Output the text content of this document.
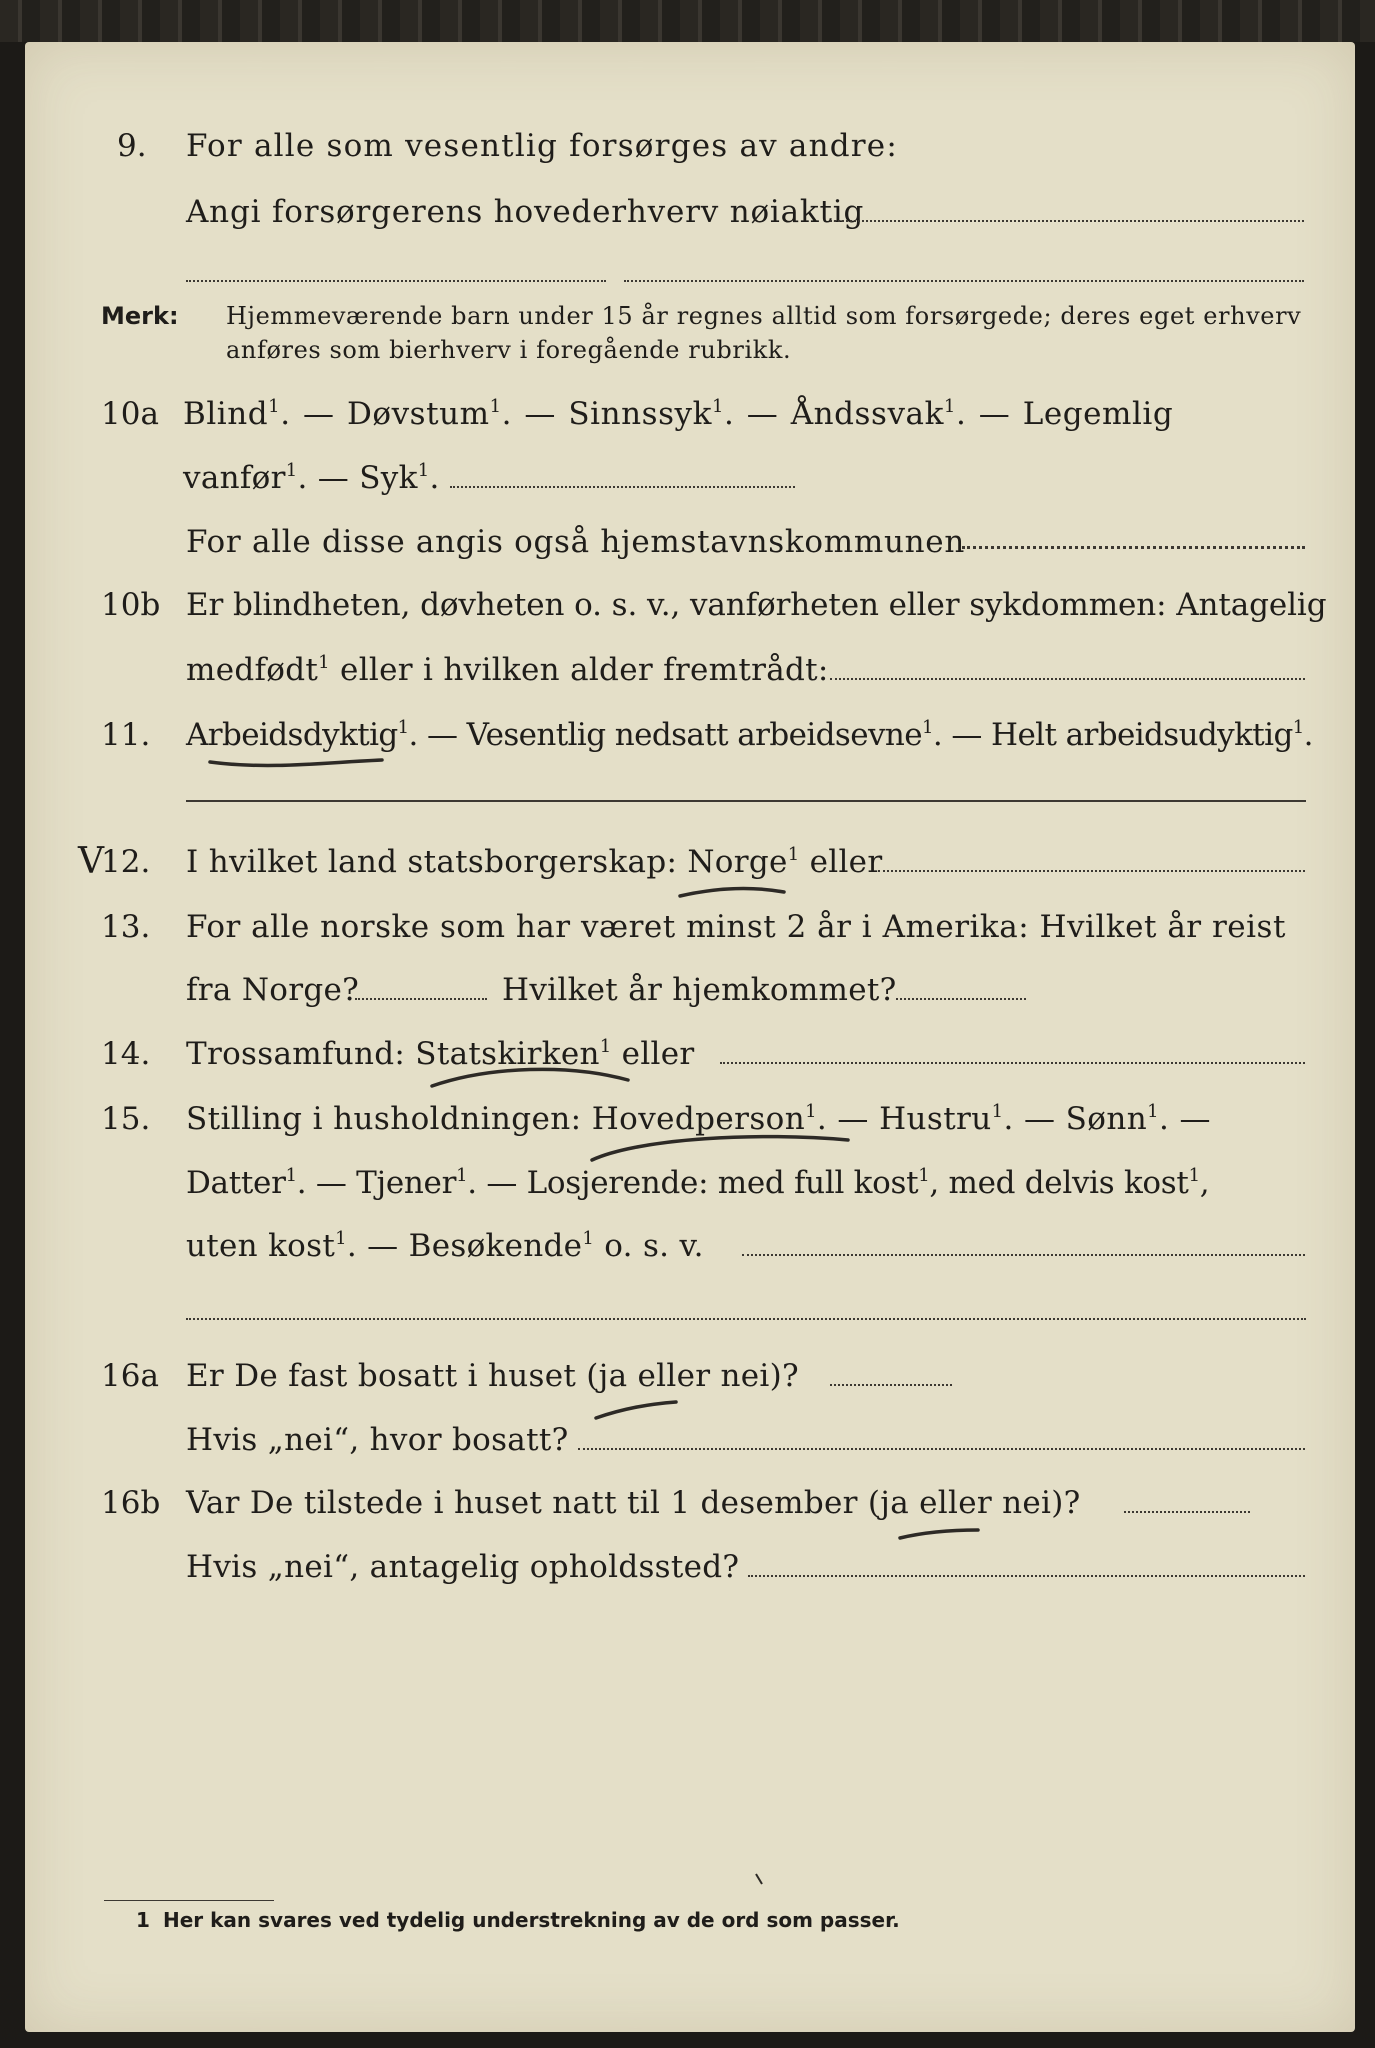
9. For alle som vesentlig forsørges av andre:
Angi forsørgerens hovederhverv nøiaktig
Merk: Hjemmeværende barn under 15 år regnes alltid som forsørgede; deres eget erhverv
anføres som bierhverv i foregående rubrikk.
10a Blind$^1$. — Døvstum$^1$. — Sinnssyk$^1$. — Åndssvak$^1$. — Legemlig
vanfør$^1$. — Syk$^1$.
For alle disse angis også hjemstavnskommunen
10b Er blindheten, døvheten o. s. v., vanførheten eller sykdommen: Antagelig
medfødt$^1$ eller i hvilken alder fremtrådt:
11. Arbeidsdyktig$^1$. — Vesentlig nedsatt arbeidsevne$^1$. — Helt arbeidsudyktig$^1$.
V
12. I hvilket land statsborgerskap: Norge$^1$ eller
13. For alle norske som har været minst 2 år i Amerika: Hvilket år reist
fra Norge?	Hvilket år hjemkommet?
14. Trossamfund: Statskirken$^1$ eller
15. Stilling i husholdningen: Hovedperson$^1$. — Hustru$^1$. — Sønn$^1$. —
Datter$^1$. — Tjener$^1$. — Losjerende: med full kost$^1$, med delvis kost$^1$,
uten kost$^1$. — Besøkende$^1$ o. s. v.
16a Er De fast bosatt i huset (ja eller nei)?
Hvis „nei“, hvor bosatt?
16b Var De tilstede i huset natt til 1 desember (ja eller nei)?
Hvis „nei“, antagelig opholdssted?
1 Her kan svares ved tydelig understrekning av de ord som passer.
